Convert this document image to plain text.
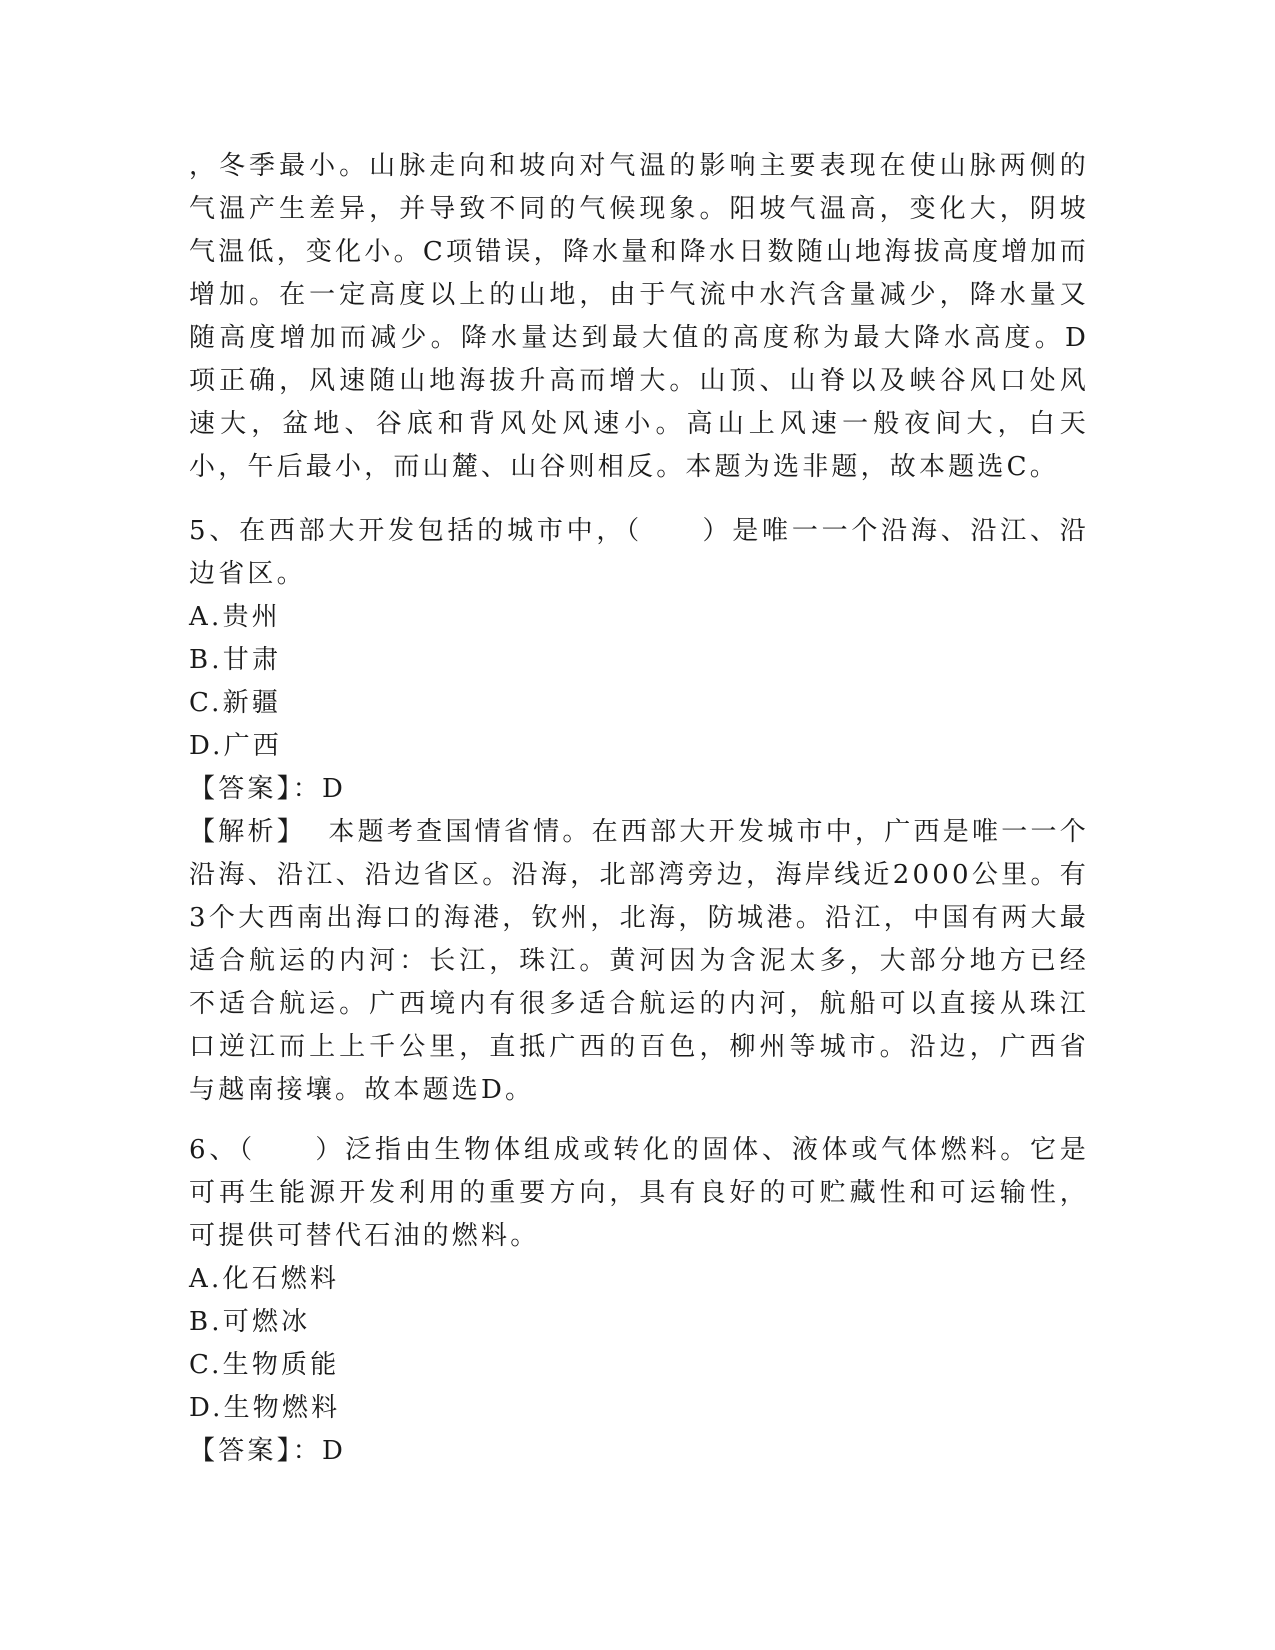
，冬季最小。山脉走向和坡向对气温的影响主要表现在使山脉两侧的气温产生差异，并导致不同的气候现象。阳坡气温高，变化大，阴坡气温低，变化小。C项错误，降水量和降水日数随山地海拔高度增加而增加。在一定高度以上的山地，由于气流中水汽含量减少，降水量又随高度增加而减少。降水量达到最大值的高度称为最大降水高度。D项正确，风速随山地海拔升高而增大。山顶、山脊以及峡谷风口处风速大，盆地、谷底和背风处风速小。高山上风速一般夜间大，白天小，午后最小，而山麓、山谷则相反。本题为选非题，故本题选C。

5、在西部大开发包括的城市中，（　　）是唯一一个沿海、沿江、沿边省区。

A.贵州

B.甘肃

C.新疆

D.广西

【答案】：D

【解析】　 本题考查国情省情。在西部大开发城市中，广西是唯一一个沿海、沿江、沿边省区。沿海，北部湾旁边，海岸线近2000公里。有3个大西南出海口的海港，钦州，北海，防城港。沿江，中国有两大最适合航运的内河：长江，珠江。黄河因为含泥太多，大部分地方已经不适合航运。广西境内有很多适合航运的内河，航船可以直接从珠江口逆江而上上千公里，直抵广西的百色，柳州等城市。沿边，广西省与越南接壤。故本题选D。

6、（　　）泛指由生物体组成或转化的固体、液体或气体燃料。它是可再生能源开发利用的重要方向，具有良好的可贮藏性和可运输性，可提供可替代石油的燃料。

A.化石燃料

B.可燃冰

C.生物质能

D.生物燃料

【答案】：D
